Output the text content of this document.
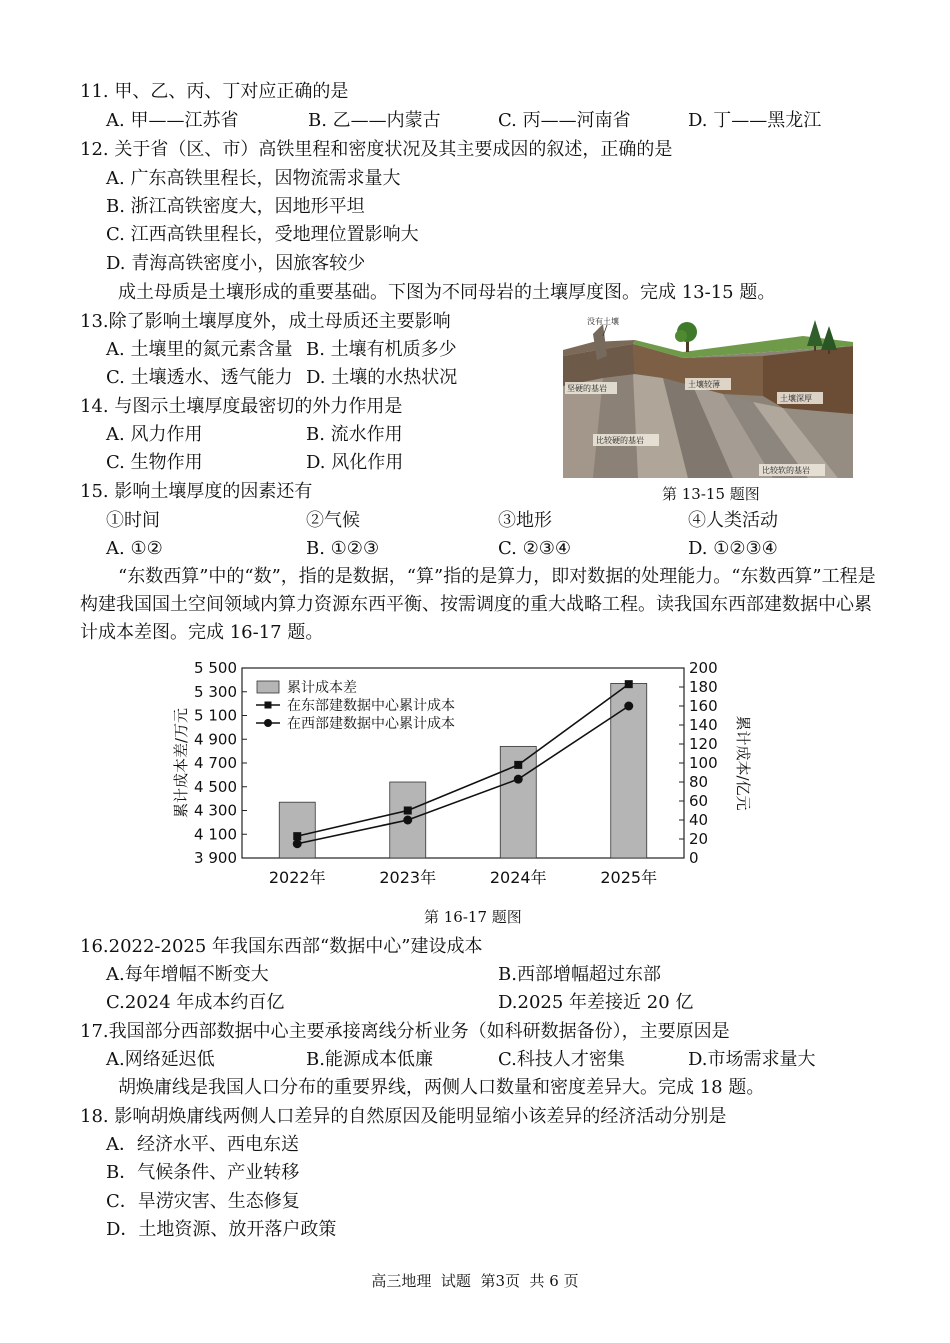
11. 甲、乙、丙、丁对应正确的是
A. 甲——江苏省	B. 乙——内蒙古	C. 丙——河南省	D. 丁——黑龙江
12. 关于省（区、市）高铁里程和密度状况及其主要成因的叙述，正确的是
A. 广东高铁里程长，因物流需求量大
B. 浙江高铁密度大，因地形平坦
C. 江西高铁里程长，受地理位置影响大
D. 青海高铁密度小，因旅客较少
成土母质是土壤形成的重要基础。下图为不同母岩的土壤厚度图。完成 13-15 题。
13.除了影响土壤厚度外，成土母质还主要影响
A. 土壤里的氮元素含量 B. 土壤有机质多少
C. 土壤透水、透气能力 D. 土壤的水热状况
14. 与图示土壤厚度最密切的外力作用是
A. 风力作用	B. 流水作用
C. 生物作用	D. 风化作用
没有土壤
坚硬的基岩	土壤较薄
土壤深厚
比较硬的基岩
比较软的基岩
第 13-15 题图
15. 影响土壤厚度的因素还有
①时间	②气候	③地形	④人类活动
A. ①②	B. ①②③	C. ②③④	D. ①②③④
“东数西算”中的“数”，指的是数据，“算”指的是算力，即对数据的处理能力。“东数西算”工程是构建我国国土空间领域内算力资源东西平衡、按需调度的重大战略工程。读我国东西部建数据中心累计成本差图。完成 16-17 题。
3 900
4 100
4 300
4 500
4 700
4 900
5 100
5 300
5 500
0
20
40
60
80
100
120
140
160
180
200
2022年	2023年	2024年	2025年
累计成本差
在东部建数据中心累计成本
在西部建数据中心累计成本
累计成本差/万元	累计成本/亿元
第 16-17 题图
16.2022-2025 年我国东西部“数据中心”建设成本
A.每年增幅不断变大	B.西部增幅超过东部
C.2024 年成本约百亿	D.2025 年差接近 20 亿
17.我国部分西部数据中心主要承接离线分析业务（如科研数据备份），主要原因是
A.网络延迟低	B.能源成本低廉	C.科技人才密集	D.市场需求量大
胡焕庸线是我国人口分布的重要界线，两侧人口数量和密度差异大。完成 18 题。
18. 影响胡焕庸线两侧人口差异的自然原因及能明显缩小该差异的经济活动分别是
A．经济水平、西电东送
B．气候条件、产业转移
C．旱涝灾害、生态修复
D．土地资源、放开落户政策
高三地理  试题  第3页  共 6 页
